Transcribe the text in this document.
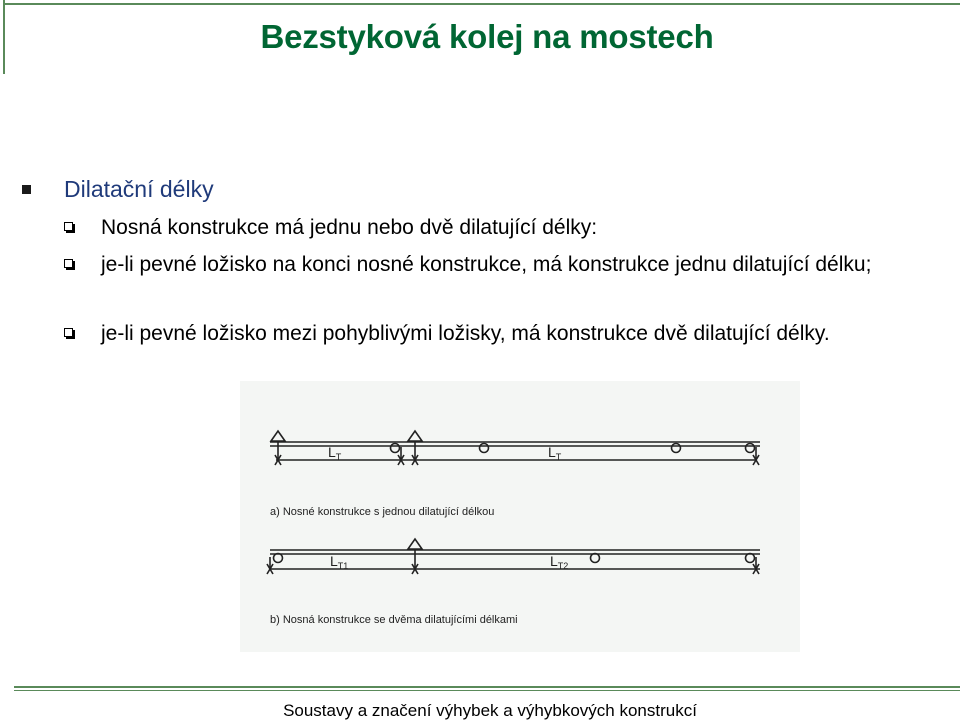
Bezstyková kolej na mostech
Dilatační délky
Nosná konstrukce má jednu nebo dvě dilatující délky:
je-li pevné ložisko na konci nosné konstrukce, má konstrukce jednu dilatující délku;
je-li pevné ložisko mezi pohyblivými ložisky, má konstrukce dvě dilatující délky.
$L_T$	$L_T$
a) Nosné konstrukce s jednou dilatující délkou
$L_{T1}$	$L_{T2}$
b) Nosná konstrukce se dvěma dilatujícími délkami
Soustavy a značení výhybek a výhybkových konstrukcí
